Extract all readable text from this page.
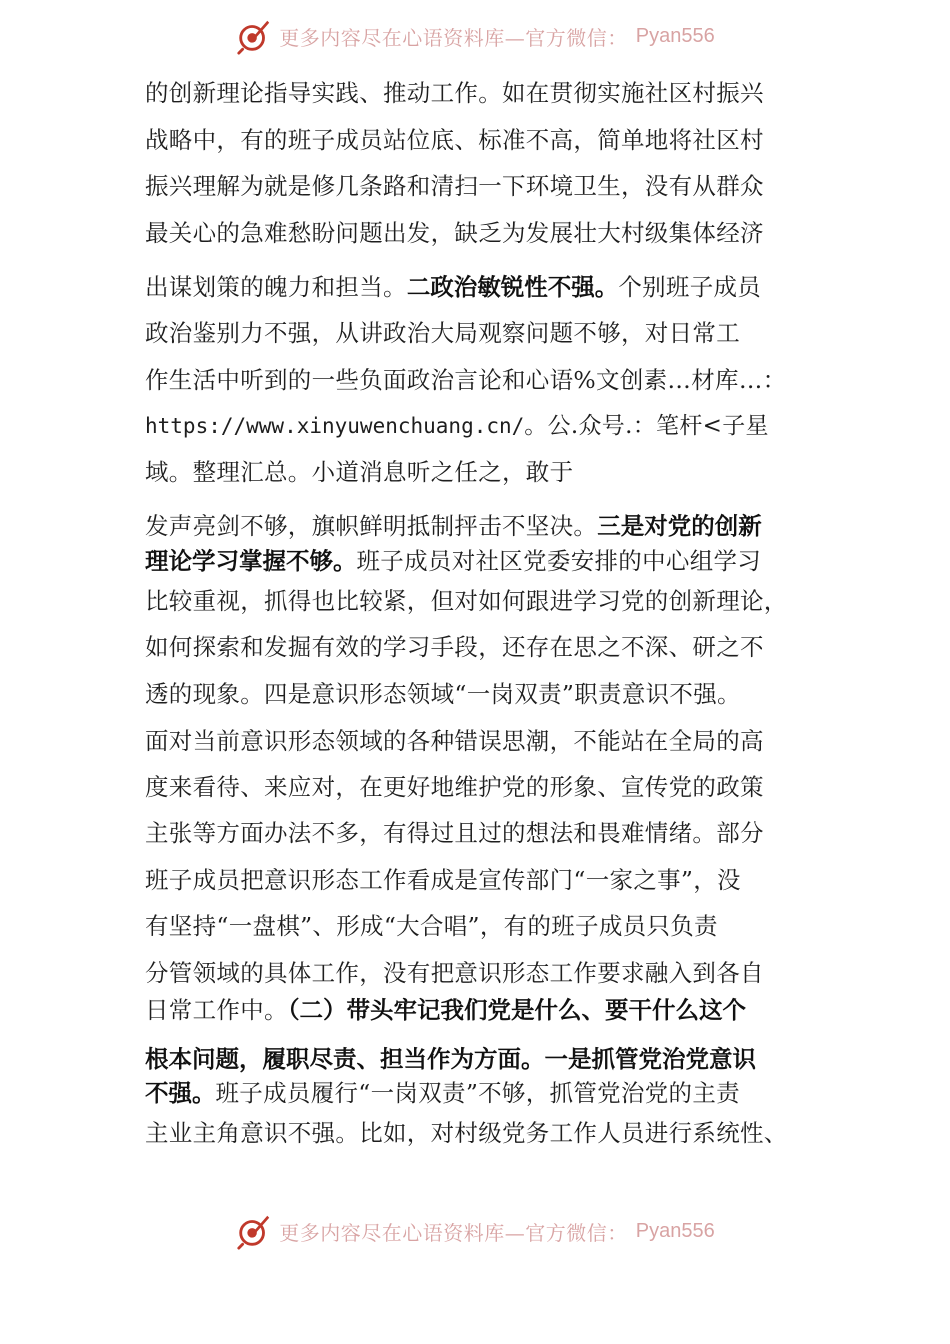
更多内容尽在心语资料库—官方微信： Pyan556
的创新理论指导实践、推动工作。如在贯彻实施社区村振兴
战略中，有的班子成员站位底、标准不高，简单地将社区村
振兴理解为就是修几条路和清扫一下环境卫生，没有从群众
最关心的急难愁盼问题出发，缺乏为发展壮大村级集体经济
出谋划策的魄力和担当。二政治敏锐性不强。个别班子成员
政治鉴别力不强，从讲政治大局观察问题不够，对日常工
作生活中听到的一些负面政治言论和心语%文创素…材库…：
https://www.xinyuwenchuang.cn/。公.众号.：笔杆<子星
域。整理汇总。小道消息听之任之，敢于
发声亮剑不够，旗帜鲜明抵制抨击不坚决。三是对党的创新
理论学习掌握不够。班子成员对社区党委安排的中心组学习
比较重视，抓得也比较紧，但对如何跟进学习党的创新理论，
如何探索和发掘有效的学习手段，还存在思之不深、研之不
透的现象。四是意识形态领域“一岗双责”职责意识不强。
面对当前意识形态领域的各种错误思潮，不能站在全局的高
度来看待、来应对，在更好地维护党的形象、宣传党的政策
主张等方面办法不多，有得过且过的想法和畏难情绪。部分
班子成员把意识形态工作看成是宣传部门“一家之事”，没
有坚持“一盘棋”、形成“大合唱”，有的班子成员只负责
分管领域的具体工作，没有把意识形态工作要求融入到各自
日常工作中。（二）带头牢记我们党是什么、要干什么这个
根本问题，履职尽责、担当作为方面。一是抓管党治党意识
不强。班子成员履行“一岗双责”不够，抓管党治党的主责
主业主角意识不强。比如，对村级党务工作人员进行系统性、
更多内容尽在心语资料库—官方微信： Pyan556
